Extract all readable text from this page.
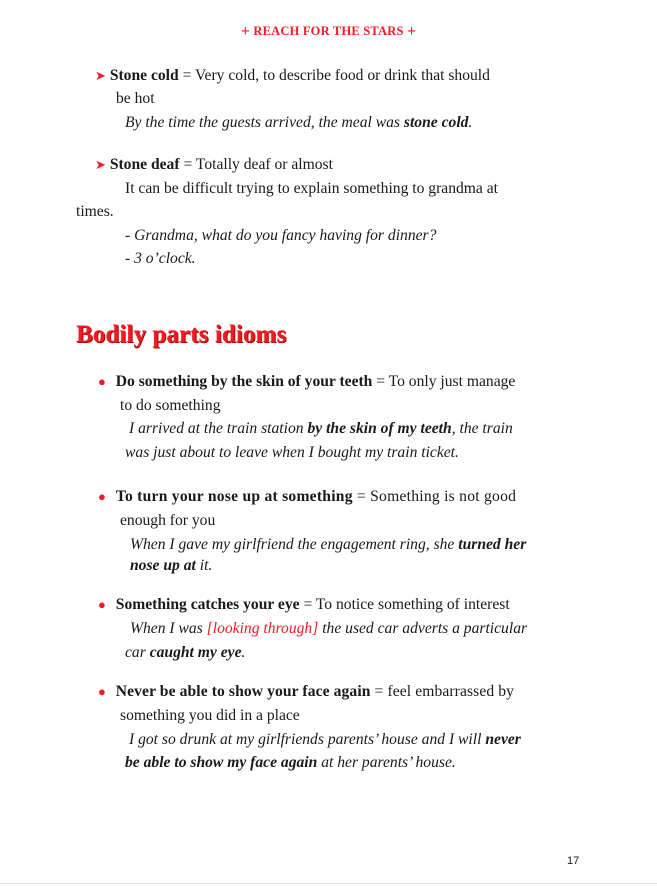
+ REACH FOR THE STARS +
➤ Stone cold = Very cold, to describe food or drink that should
be hot
By the time the guests arrived, the meal was stone cold.
➤ Stone deaf = Totally deaf or almost
It can be difficult trying to explain something to grandma at
times.
- Grandma, what do you fancy having for dinner?
- 3 o’clock.
Bodily parts idioms
● Do something by the skin of your teeth = To only just manage
to do something
I arrived at the train station by the skin of my teeth, the train
was just about to leave when I bought my train ticket.
● To turn your nose up at something = Something is not good
enough for you
When I gave my girlfriend the engagement ring, she turned her
nose up at it.
● Something catches your eye = To notice something of interest
When I was [looking through] the used car adverts a particular
car caught my eye.
● Never be able to show your face again = feel embarrassed by
something you did in a place
I got so drunk at my girlfriends parents’ house and I will never
be able to show my face again at her parents’ house.
17
